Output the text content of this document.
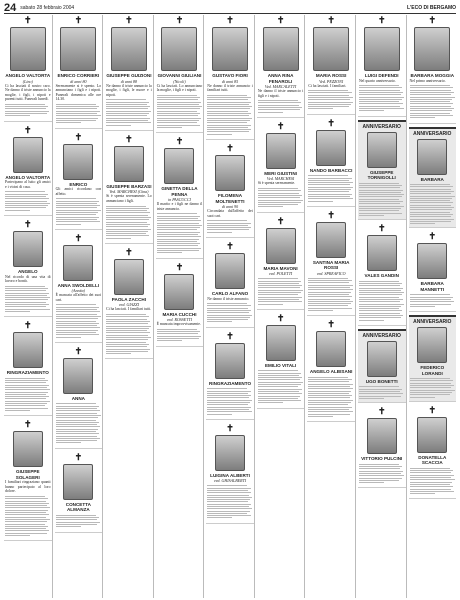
24 sabato 28 febbraio 2004	L'ECO DI BERGAMO
✝
ANGELO VALTORTA
(Lino)
Ci ha lasciati il nostro caro. Ne danno il triste annuncio la moglie, i figli, i nipoti e parenti tutti. Funerali lunedì.
✝
ANGELO VALTORTA
Partecipano al lutto gli amici e i vicini di casa.
✝
ANGELO
Nel ricordo di una vita di lavoro e bontà.
✝
RINGRAZIAMENTO
✝
GIUSEPPE SOLAGERI
I familiari ringraziano quanti hanno partecipato al loro dolore.
✝
ENRICO CORRIERI
di anni 80
Serenamente si è spento. Lo annunciano i figli e i nipoti. Funerali domenica alle ore 14.30.
✝
ENRICO
Gli amici ricordano con affetto.
✝
ANNA SWOLDELLI
(Annita)
È mancata all'affetto dei suoi cari.
✝
ANNA
✝
CONCETTA ALMANZA
✝
GIUSEPPE GUIZIONI
di anni 88
Ne danno il triste annuncio la moglie, i figli, le nuore e i nipoti.
✝
GIUSEPPE BARZASI
Ved. MARCHESI (Gina)
Si è spenta serenamente. Lo annunciano i figli.
✝
PAOLA ZACCHI
ved. GIAZZI
Ci ha lasciati. I familiari tutti.
✝
GIOVANNI GIULIANI
(Nicoli)
Ci ha lasciati. Lo annunciano la moglie, i figli e i nipoti.
✝
GINETTA DELLA PENNA
in PASCUCCI
Il marito e i figli ne danno il triste annuncio.
✝
MARIA CUCCHI
ved. ROSSETTI
È mancata improvvisamente.
✝
GUSTAVO FIORI
di anni 85
Ne danno il triste annuncio i familiari tutti.
✝
FILOMENA MOLTENETTI
di anni 90
Circondata dall'affetto dei suoi cari.
✝
CARLO ALFANO
Ne danno il triste annuncio.
✝
RINGRAZIAMENTO
✝
LUIGINA ALBERTI
ved. GHISALBERTI
✝
ANNA RINA FENAROLI
Ved. MARCALETTI
Ne danno il triste annuncio i figli e i nipoti.
✝
MERI GIUSTINI
Ved. MARCHESI
Si è spenta serenamente.
✝
MARIA MAVONI
ved. POLETTI
✝
EMILIO VITALI
✝
MARIA ROSSI
Ved. PEZZONI
Ci ha lasciati. I familiari.
✝
NANDO BARBACCI
✝
SANTINA MARIA ROSSI
ved. SPREAFICO
✝
ANGELO ALBISANI
✝
LUIGI DEFENDI
Nel quarto anniversario.
ANNIVERSARIO
GIUSEPPE TORNIGOLLI
✝
VALES GANDIN
ANNIVERSARIO
UGO BONETTI
✝
VITTORIO PULCINI
✝
BARBARA MOGGIA
Nel primo anniversario.
ANNIVERSARIO
BARBARA
✝
BARBARA MANNETTI
ANNIVERSARIO
FEDERICO LORANDI
✝
DONATELLA SCACCIA
